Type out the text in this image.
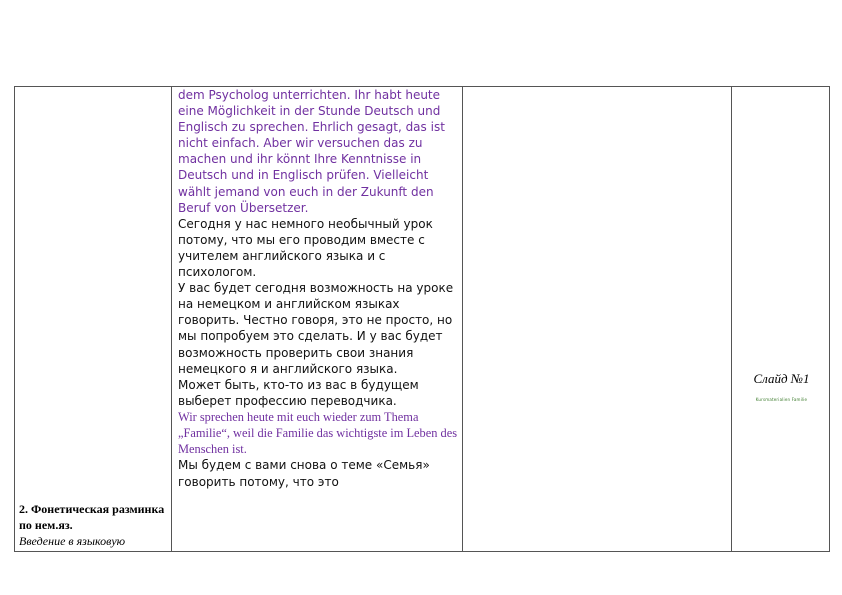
2. Фонетическая разминка по нем.яз.
Введение в языковую

dem Psycholog unterrichten. Ihr habt heute eine Möglichkeit in der Stunde Deutsch und Englisch zu sprechen. Ehrlich gesagt, das ist nicht einfach. Aber wir versuchen das zu machen und ihr könnt Ihre Kenntnisse in Deutsch und in Englisch prüfen. Vielleicht wählt jemand von euch in der Zukunft den Beruf von Übersetzer.

Сегодня у нас немного необычный урок потому, что мы его проводим вместе с учителем английского языка и с психологом.

У вас будет сегодня возможность на уроке на немецком и английском языках говорить. Честно говоря, это не просто, но мы попробуем это сделать. И у вас будет возможность проверить свои знания немецкого я и английского языка.

Может быть, кто-то из вас в будущем выберет профессию переводчика.

Wir sprechen heute mit euch wieder zum Thema „Familie“, weil die Familie das wichtigste im Leben des Menschen ist.

Мы будем с вами снова о теме «Семья» говорить потому, что это

Слайд №1
Kursmaterialien Familie
